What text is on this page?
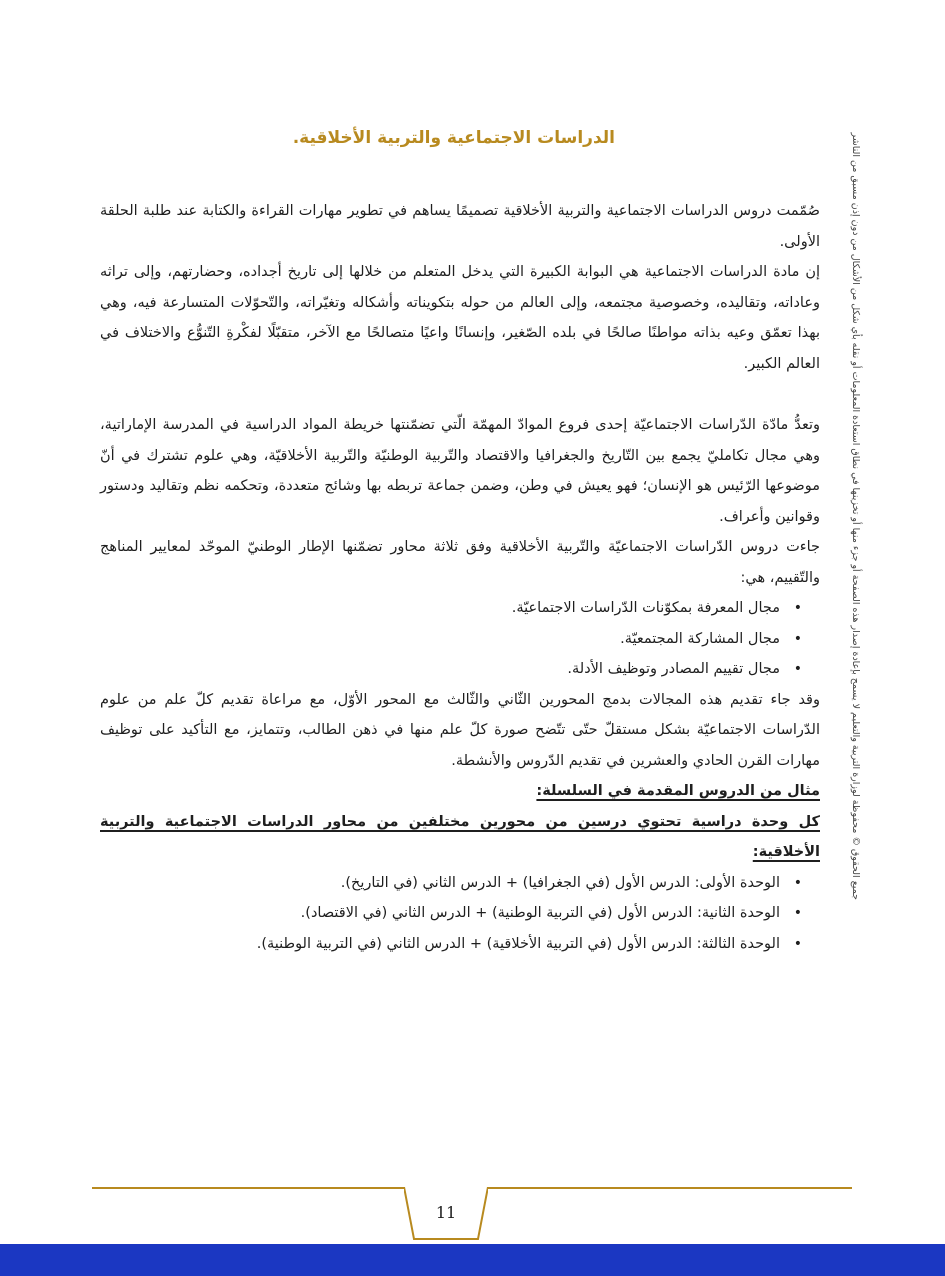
الدراسات الاجتماعية والتربية الأخلاقية.	جميع الحقوق © محفوظة لوزارة التربية والتعليم لا يسمح بإعادة إصدار هذه الصفحة أو جزء منها أو تخزينها في نطاق استعادة المعلومات أو نقله بأي شكل من الأشكال من دون إذن مسبق من الناشر

صُمّمت دروس الدراسات الاجتماعية والتربية الأخلاقية تصميمًا يساهم في تطوير مهارات القراءة والكتابة عند طلبة الحلقة الأولى.

إن مادة الدراسات الاجتماعية هي البوابة الكبيرة التي يدخل المتعلم من خلالها إلى تاريخ أجداده، وحضارتهم، وإلى تراثه وعاداته، وتقاليده، وخصوصية مجتمعه، وإلى العالم من حوله بتكويناته وأشكاله وتغيّراته، والتّحوّلات المتسارعة فيه، وهي بهذا تعمّق وعيه بذاته مواطنًا صالحًا في بلده الصّغير، وإنسانًا واعيًا متصالحًا مع الآخر، متقبّلًا لفكْرةِ التّنوُّع والاختلاف في العالم الكبير.

وتعدُّ مادّة الدّراسات الاجتماعيّة إحدى فروع الموادّ المهمّة الّتي تضمّنتها خريطة المواد الدراسية في المدرسة الإماراتية، وهي مجال تكامليّ يجمع بين التّاريخ والجغرافيا والاقتصاد والتّربية الوطنيّة والتّربية الأخلاقيّة، وهي علوم تشترك في أنّ موضوعها الرّئيس هو الإنسان؛ فهو يعيش في وطن، وضمن جماعة تربطه بها وشائج متعددة، وتحكمه نظم وتقاليد ودستور وقوانين وأعراف.

جاءت دروس الدّراسات الاجتماعيّة والتّربية الأخلاقية وفق ثلاثة محاور تضمّنها الإطار الوطنيّ الموحّد لمعايير المناهج والتّقييم، هي:

• مجال المعرفة بمكوّنات الدّراسات الاجتماعيّة.
• مجال المشاركة المجتمعيّة.
• مجال تقييم المصادر وتوظيف الأدلة.

وقد جاء تقديم هذه المجالات بدمج المحورين الثّاني والثّالث مع المحور الأوّل، مع مراعاة تقديم كلّ علم من علوم الدّراسات الاجتماعيّة بشكل مستقلّ حتّى تتّضح صورة كلّ علم منها في ذهن الطالب، وتتمايز، مع التأكيد على توظيف مهارات القرن الحادي والعشرين في تقديم الدّروس والأنشطة.

مثال من الدروس المقدمة في السلسلة:

كل وحدة دراسية تحتوي درسين من محورين مختلفين من محاور الدراسات الاجتماعية والتربية الأخلاقية:

• الوحدة الأولى: الدرس الأول (في الجغرافيا) + الدرس الثاني (في التاريخ).
• الوحدة الثانية: الدرس الأول (في التربية الوطنية) + الدرس الثاني (في الاقتصاد).
• الوحدة الثالثة: الدرس الأول (في التربية الأخلاقية) + الدرس الثاني (في التربية الوطنية).
11
